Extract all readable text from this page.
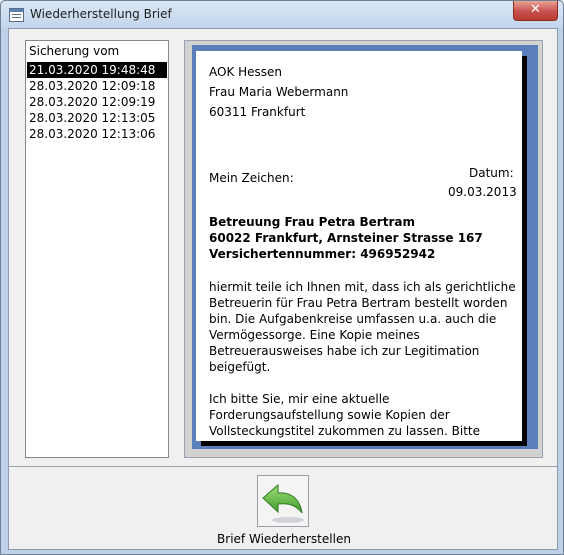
Wiederherstellung Brief	✕
Sicherung vom
21.03.2020 19:48:48
28.03.2020 12:09:18
28.03.2020 12:09:19
28.03.2020 12:13:05
28.03.2020 12:13:06
AOK Hessen
Frau Maria Webermann
60311 Frankfurt
Mein Zeichen:	Datum:
09.03.2013
Betreuung Frau Petra Bertram
60022 Frankfurt, Arnsteiner Strasse 167
Versichertennummer: 496952942
hiermit teile ich Ihnen mit, dass ich als gerichtliche
Betreuerin für Frau Petra Bertram bestellt worden
bin. Die Aufgabenkreise umfassen u.a. auch die
Vermögessorge. Eine Kopie meines
Betreuerausweises habe ich zur Legitimation
beigefügt.
Ich bitte Sie, mir eine aktuelle
Forderungsaufstellung sowie Kopien der
Vollsteckungstitel zukommen zu lassen. Bitte
Brief Wiederherstellen
